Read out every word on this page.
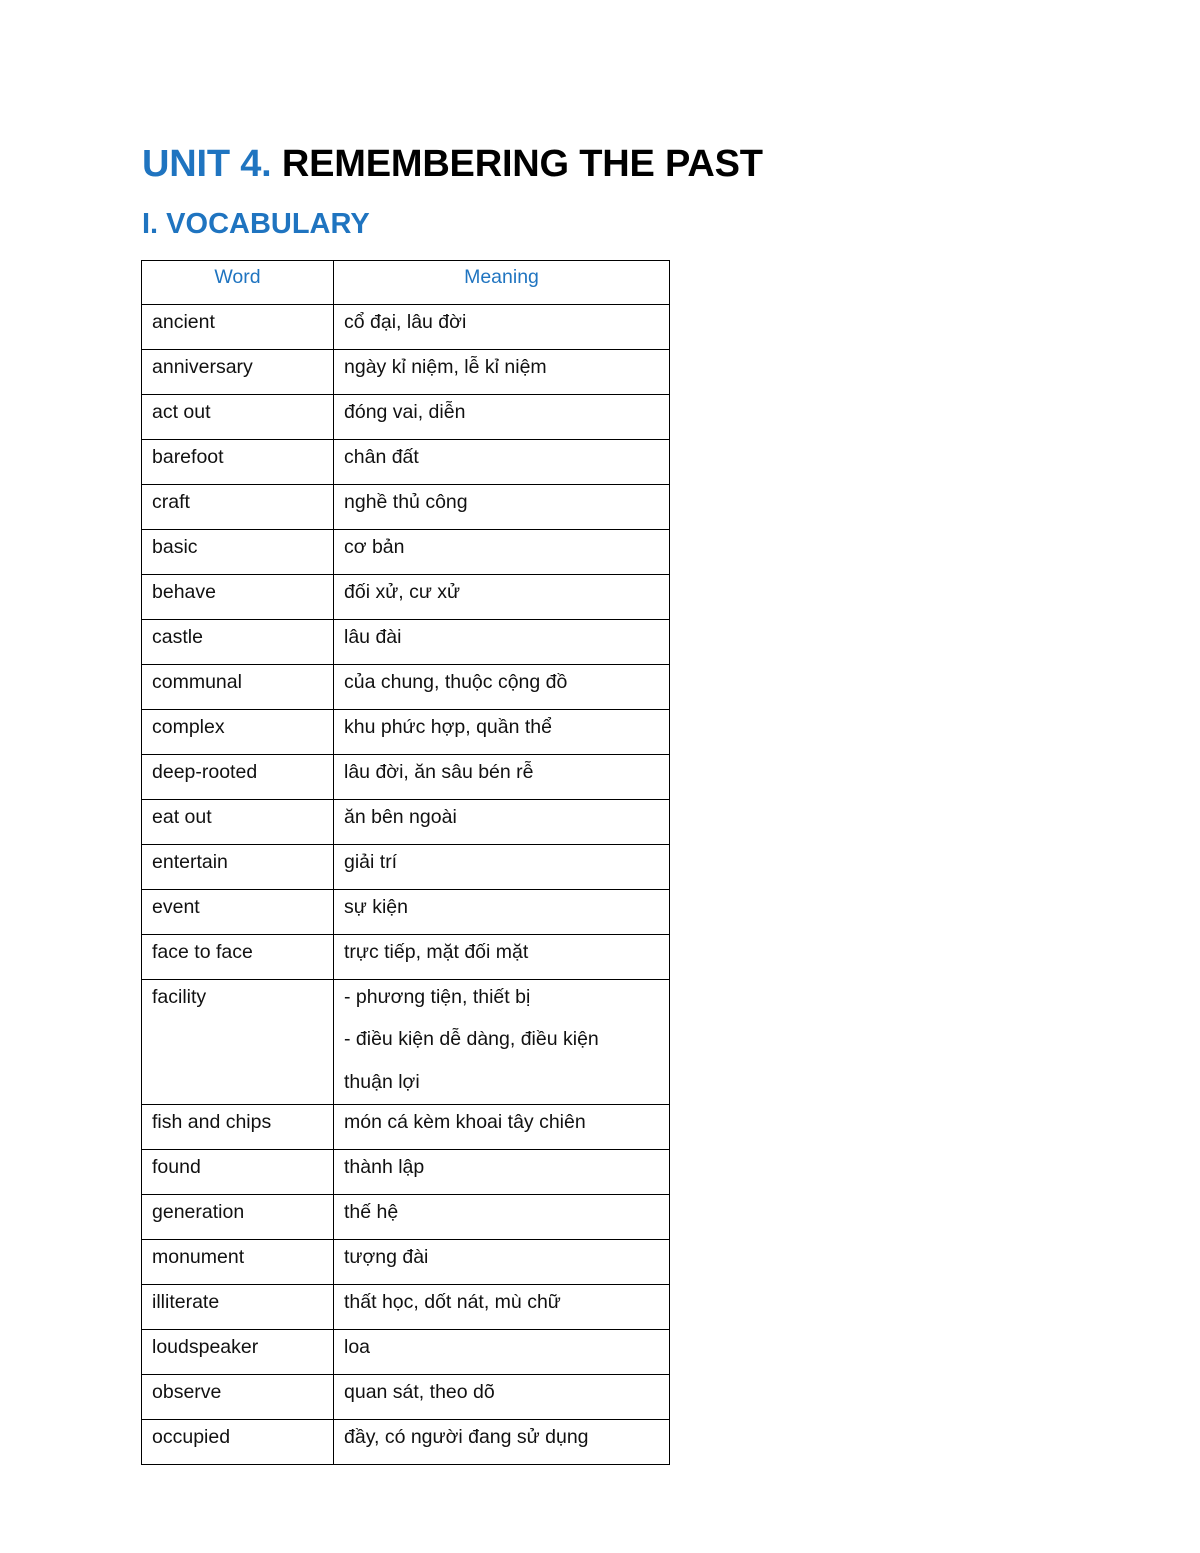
UNIT 4. REMEMBERING THE PAST
I. VOCABULARY
Word	Meaning
ancient	cổ đại, lâu đời

anniversary	ngày kỉ niệm, lễ kỉ niệm

act out	đóng vai, diễn

barefoot	chân đất

craft	nghề thủ công

basic	cơ bản

behave	đối xử, cư xử

castle	lâu đài

communal	của chung, thuộc cộng đồ

complex	khu phức hợp, quần thể

deep-rooted	lâu đời, ăn sâu bén rễ

eat out	ăn bên ngoài

entertain	giải trí

event	sự kiện

face to face	trực tiếp, mặt đối mặt

facility	- phương tiện, thiết bị
- điều kiện dễ dàng, điều kiện
thuận lợi

fish and chips	món cá kèm khoai tây chiên

found	thành lập

generation	thế hệ

monument	tượng đài

illiterate	thất học, dốt nát, mù chữ

loudspeaker	loa

observe	quan sát, theo dõ

occupied	đầy, có người đang sử dụng
